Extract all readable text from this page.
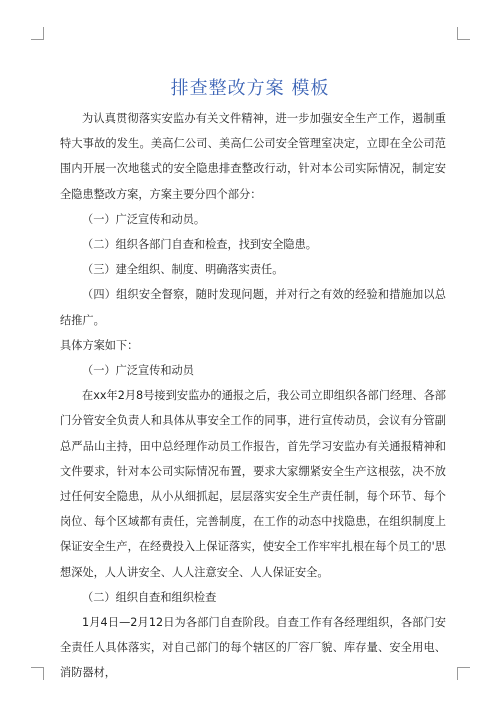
排查整改方案 模板

为认真贯彻落实安监办有关文件精神，进一步加强安全生产工作，遏制重特大事故的发生。美高仁公司、美高仁公司安全管理室决定，立即在全公司范围内开展一次地毯式的安全隐患排查整改行动，针对本公司实际情况，制定安全隐患整改方案，方案主要分四个部分：

（一）广泛宣传和动员。

（二）组织各部门自查和检查，找到安全隐患。

（三）建全组织、制度、明确落实责任。

（四）组织安全督察，随时发现问题，并对行之有效的经验和措施加以总结推广。

具体方案如下：

（一）广泛宣传和动员

在xx年2月8号接到安监办的通报之后，我公司立即组织各部门经理、各部门分管安全负责人和具体从事安全工作的同事，进行宣传动员，会议有分管副总严品山主持，田中总经理作动员工作报告，首先学习安监办有关通报精神和文件要求，针对本公司实际情况布置，要求大家绷紧安全生产这根弦，决不放过任何安全隐患，从小从细抓起，层层落实安全生产责任制，每个环节、每个岗位、每个区域都有责任，完善制度，在工作的动态中找隐患，在组织制度上保证安全生产，在经费投入上保证落实，使安全工作牢牢扎根在每个员工的'思想深处，人人讲安全、人人注意安全、人人保证安全。

（二）组织自查和组织检查

1月4日—2月12日为各部门自查阶段。自查工作有各经理组织，各部门安全责任人具体落实，对自己部门的每个辖区的厂容厂貌、库存量、安全用电、消防器材，
